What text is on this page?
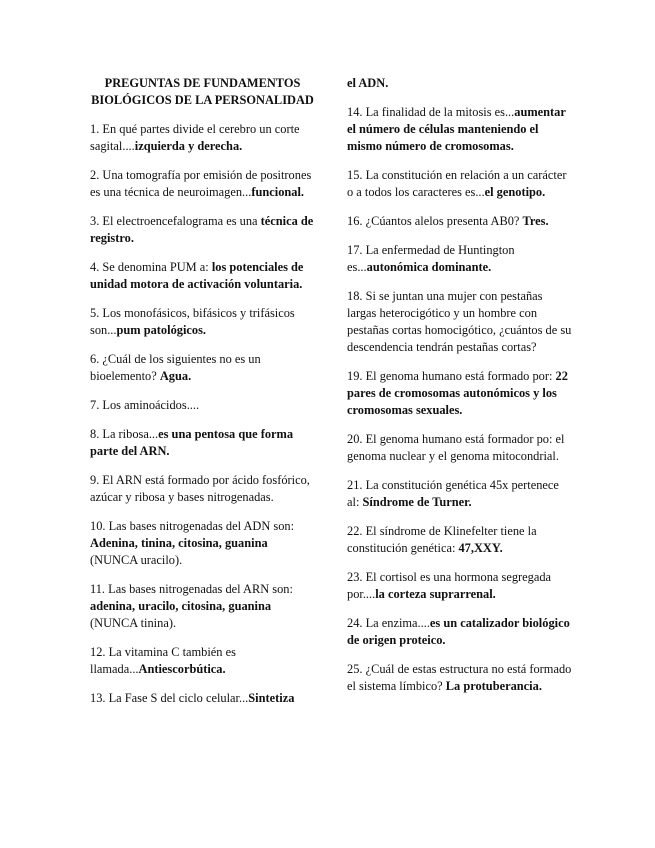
PREGUNTAS DE FUNDAMENTOS BIOLÓGICOS DE LA PERSONALIDAD

1. En qué partes divide el cerebro un corte sagital....izquierda y derecha.

2. Una tomografía por emisión de positrones es una técnica de neuroimagen...funcional.

3. El electroencefalograma es una técnica de registro.

4. Se denomina PUM a: los potenciales de unidad motora de activación voluntaria.

5. Los monofásicos, bifásicos y trifásicos son...pum patológicos.

6. ¿Cuál de los siguientes no es un bioelemento? Agua.

7. Los aminoácidos....

8. La ribosa...es una pentosa que forma parte del ARN.

9. El ARN está formado por ácido fosfórico, azúcar y ribosa y bases nitrogenadas.

10. Las bases nitrogenadas del ADN son: Adenina, tinina, citosina, guanina (NUNCA uracilo).

11. Las bases nitrogenadas del ARN son: adenina, uracilo, citosina, guanina (NUNCA tinina).

12. La vitamina C también es llamada...Antiescorbútica.

13. La Fase S del ciclo celular...Sintetiza

el ADN.

14. La finalidad de la mitosis es...aumentar el número de células manteniendo el mismo número de cromosomas.

15. La constitución en relación a un carácter o a todos los caracteres es...el genotipo.

16. ¿Cúantos alelos presenta AB0? Tres.

17. La enfermedad de Huntington es...autonómica dominante.

18. Si se juntan una mujer con pestañas largas heterocigótico y un hombre con pestañas cortas homocigótico, ¿cuántos de su descendencia tendrán pestañas cortas?

19. El genoma humano está formado por: 22 pares de cromosomas autonómicos y los cromosomas sexuales.

20. El genoma humano está formador po: el genoma nuclear y el genoma mitocondrial.

21. La constitución genética 45x pertenece al: Síndrome de Turner.

22. El síndrome de Klinefelter tiene la constitución genética: 47,XXY.

23. El cortisol es una hormona segregada por....la corteza suprarrenal.

24. La enzima....es un catalizador biológico de origen proteico.

25. ¿Cuál de estas estructura no está formado el sistema límbico? La protuberancia.
